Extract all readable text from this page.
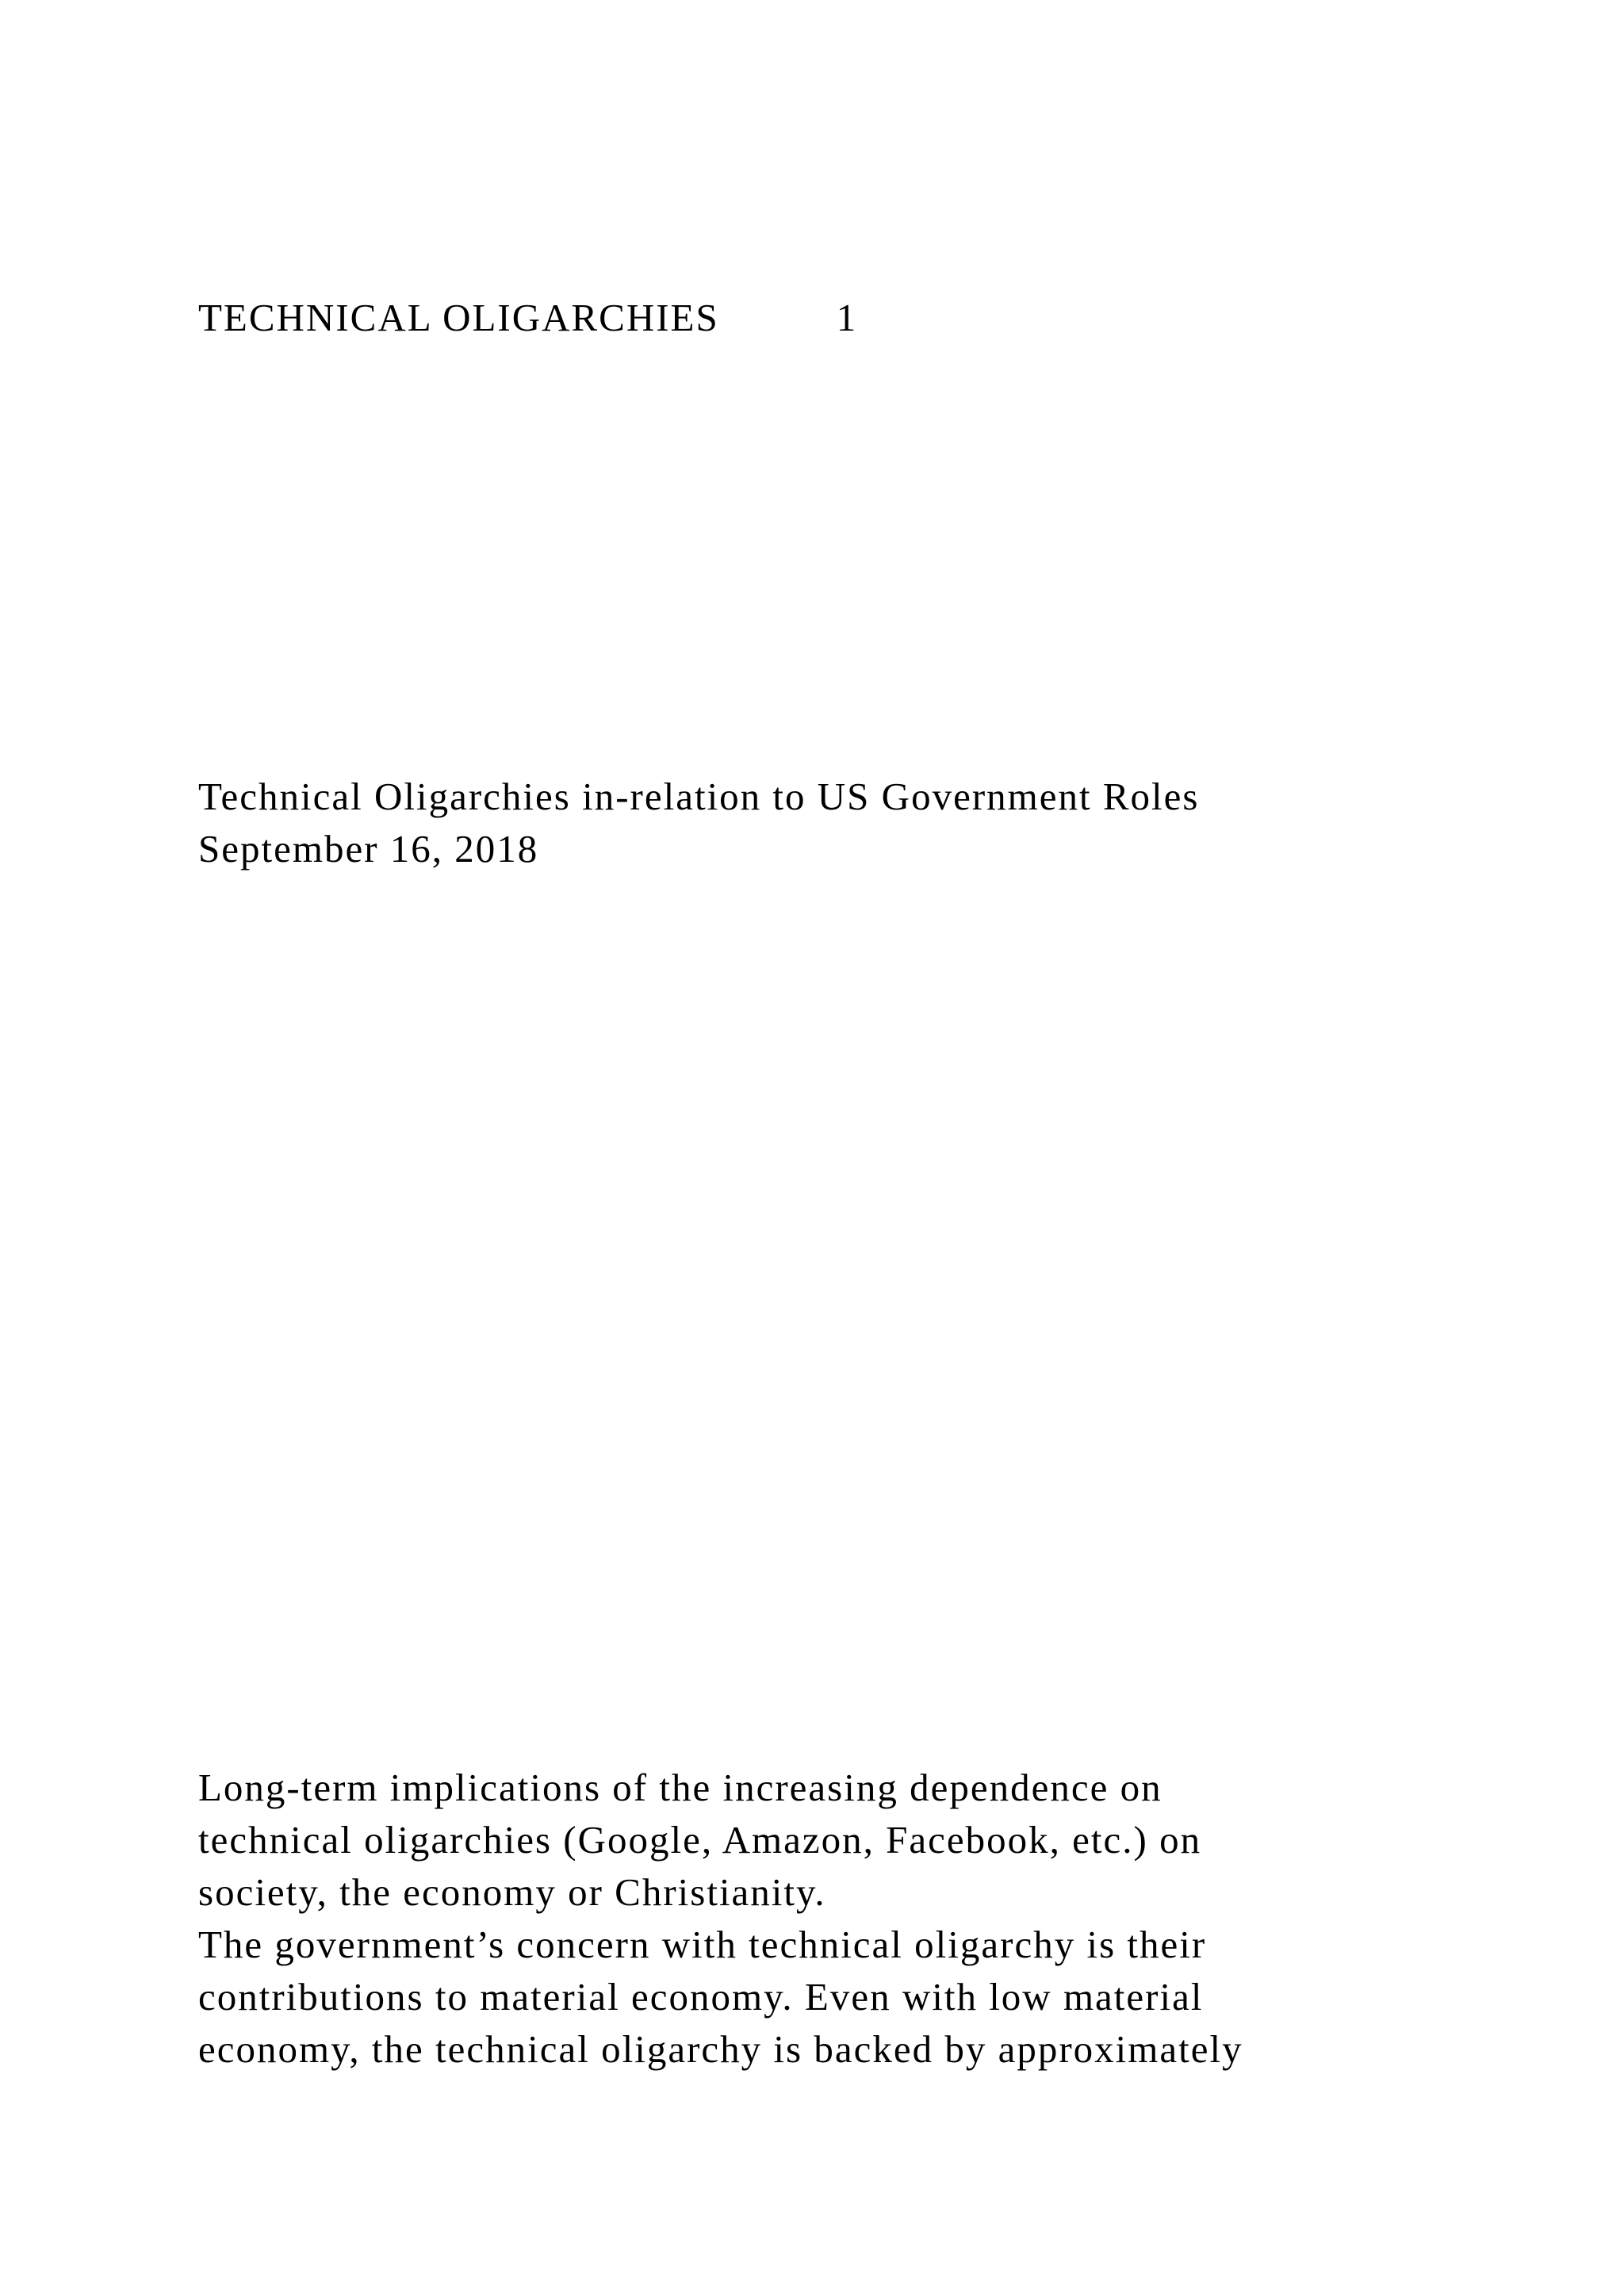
TECHNICAL OLIGARCHIES	1
Technical Oligarchies in-relation to US Government Roles
September 16, 2018
Long-term implications of the increasing dependence on
technical oligarchies (Google, Amazon, Facebook, etc.) on
society, the economy or Christianity.
The government’s concern with technical oligarchy is their
contributions to material economy. Even with low material
economy, the technical oligarchy is backed by approximately
